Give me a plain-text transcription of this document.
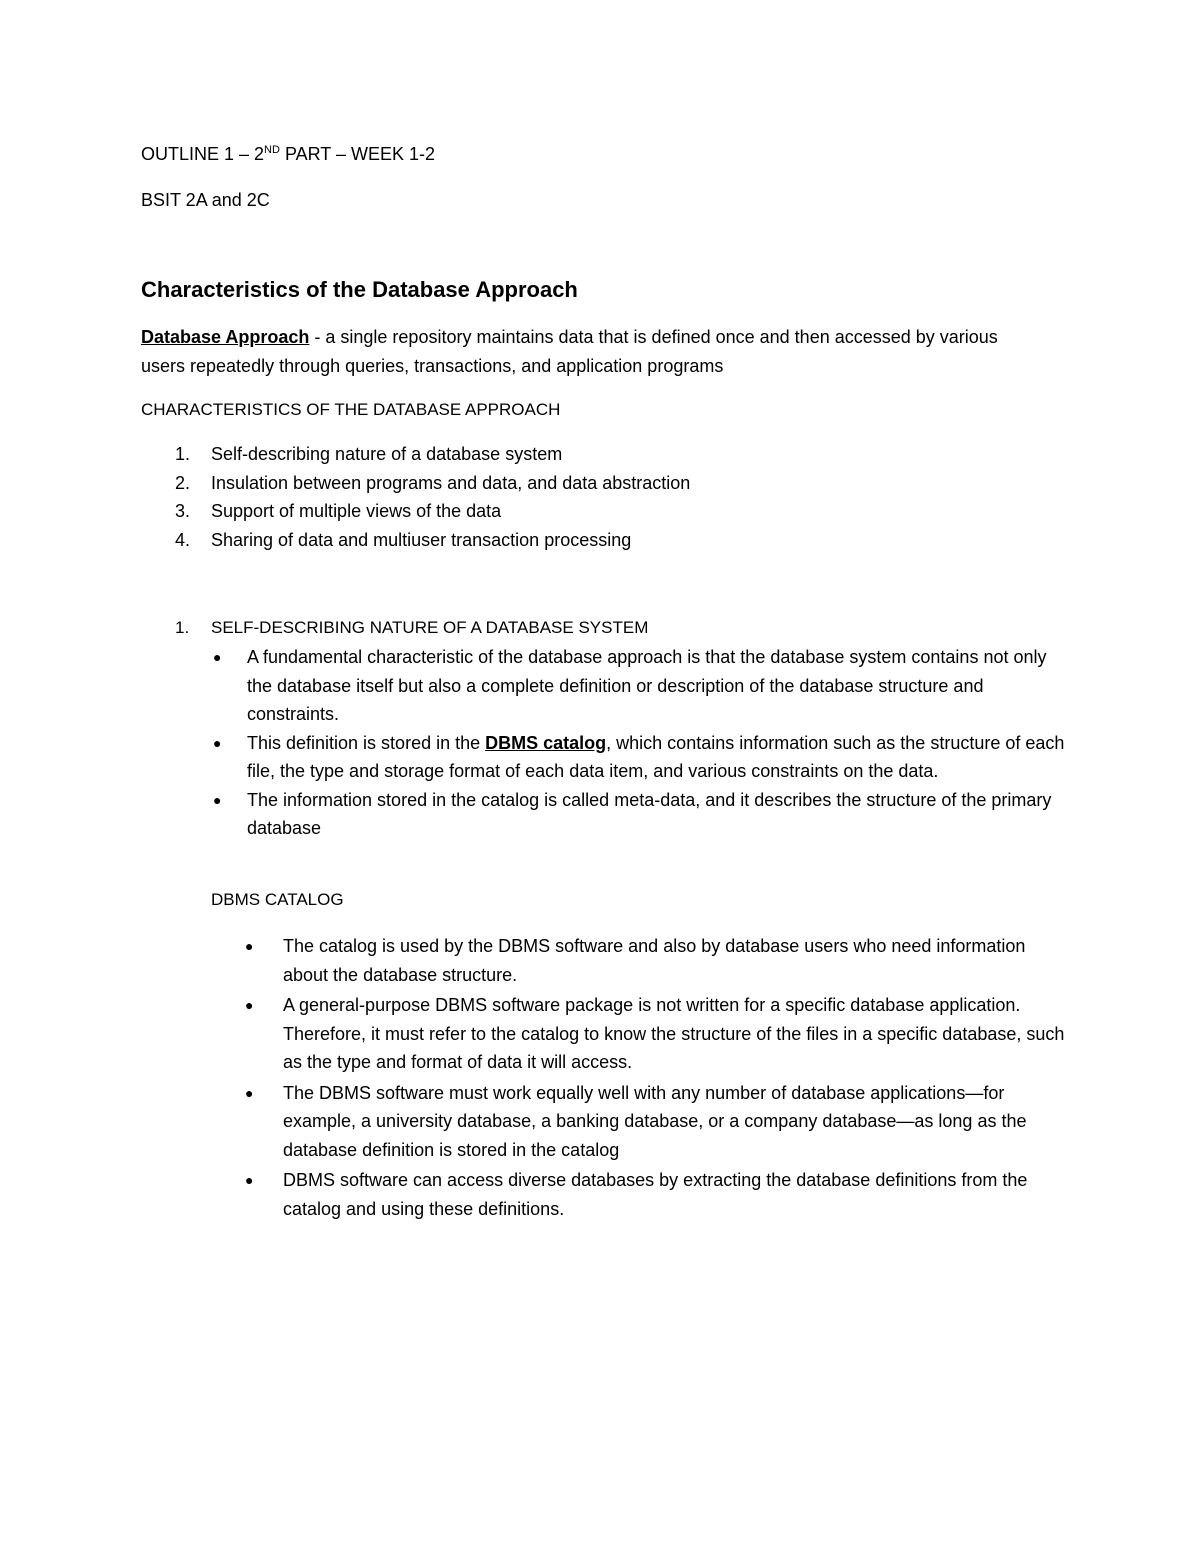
OUTLINE 1 – 2ND PART – WEEK 1-2
BSIT 2A and 2C
Characteristics of the Database Approach
Database Approach - a single repository maintains data that is defined once and then accessed by various users repeatedly through queries, transactions, and application programs
CHARACTERISTICS OF THE DATABASE APPROACH
1.	Self-describing nature of a database system
2.	Insulation between programs and data, and data abstraction
3.	Support of multiple views of the data
4.	Sharing of data and multiuser transaction processing
1. SELF-DESCRIBING NATURE OF A DATABASE SYSTEM
●	A fundamental characteristic of the database approach is that the database system contains not only the database itself but also a complete definition or description of the database structure and constraints.
●	This definition is stored in the DBMS catalog, which contains information such as the structure of each file, the type and storage format of each data item, and various constraints on the data.
●	The information stored in the catalog is called meta-data, and it describes the structure of the primary database
DBMS CATALOG
●	The catalog is used by the DBMS software and also by database users who need information about the database structure.
●	A general-purpose DBMS software package is not written for a specific database application. Therefore, it must refer to the catalog to know the structure of the files in a specific database, such as the type and format of data it will access.
●	The DBMS software must work equally well with any number of database applications—for example, a university database, a banking database, or a company database—as long as the database definition is stored in the catalog
●	DBMS software can access diverse databases by extracting the database definitions from the catalog and using these definitions.
